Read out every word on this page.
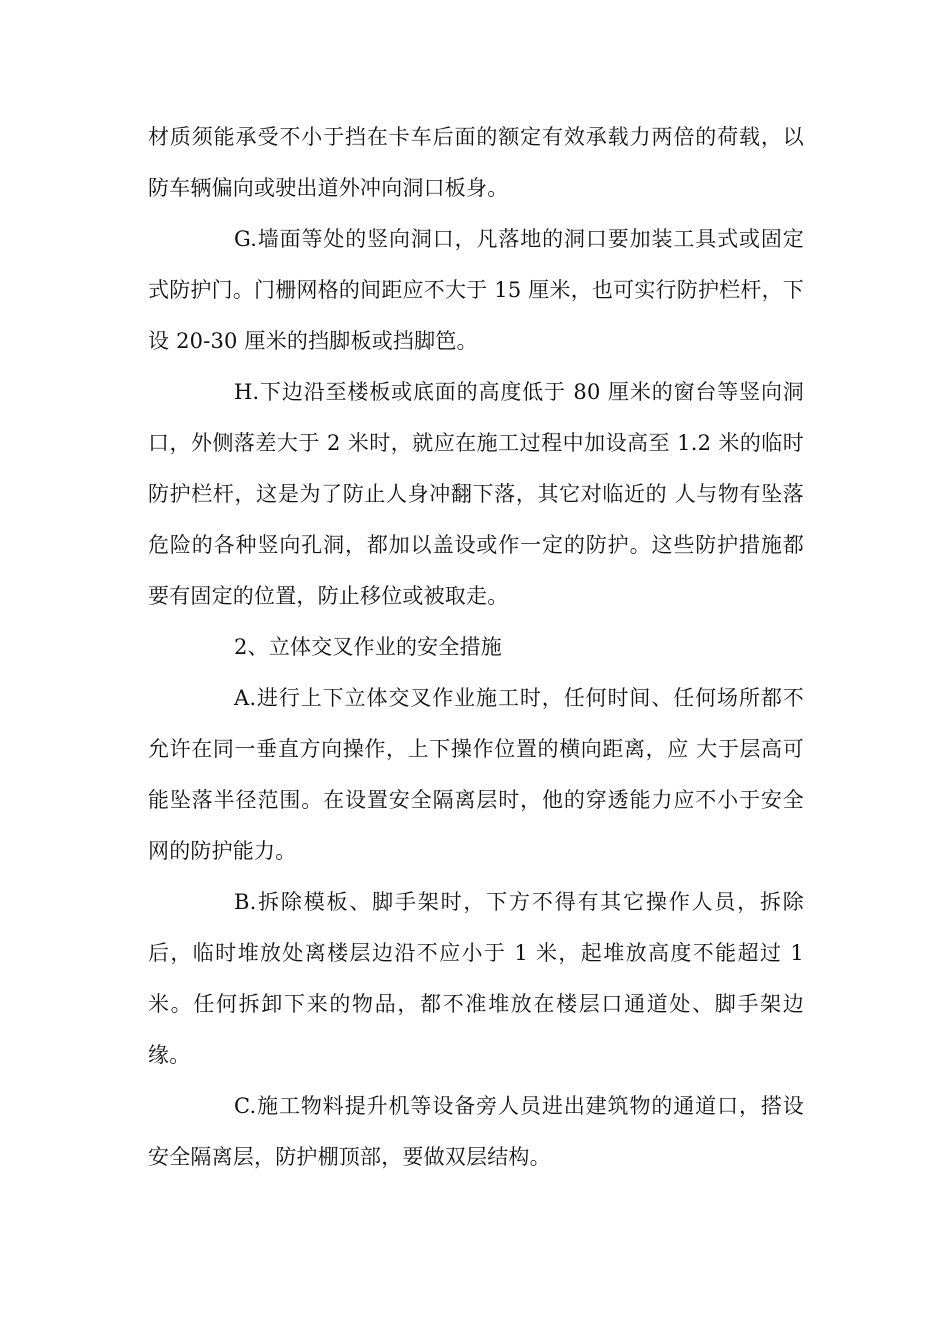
材质须能承受不小于挡在卡车后面的额定有效承载力两倍的荷载，以防车辆偏向或驶出道外冲向洞口板身。

G.墙面等处的竖向洞口，凡落地的洞口要加装工具式或固定式防护门。门栅网格的间距应不大于 15 厘米，也可实行防护栏杆，下设 20-30 厘米的挡脚板或挡脚笆。

H.下边沿至楼板或底面的高度低于 80 厘米的窗台等竖向洞口，外侧落差大于 2 米时，就应在施工过程中加设高至 1.2 米的临时防护栏杆，这是为了防止人身冲翻下落，其它对临近的 人与物有坠落危险的各种竖向孔洞，都加以盖设或作一定的防护。这些防护措施都要有固定的位置，防止移位或被取走。

2、立体交叉作业的安全措施

A.进行上下立体交叉作业施工时，任何时间、任何场所都不允许在同一垂直方向操作，上下操作位置的横向距离，应 大于层高可能坠落半径范围。在设置安全隔离层时，他的穿透能力应不小于安全网的防护能力。

B.拆除模板、脚手架时，下方不得有其它操作人员，拆除后，临时堆放处离楼层边沿不应小于 1 米，起堆放高度不能超过 1 米。任何拆卸下来的物品，都不准堆放在楼层口通道处、脚手架边缘。

C.施工物料提升机等设备旁人员进出建筑物的通道口，搭设安全隔离层，防护棚顶部，要做双层结构。
